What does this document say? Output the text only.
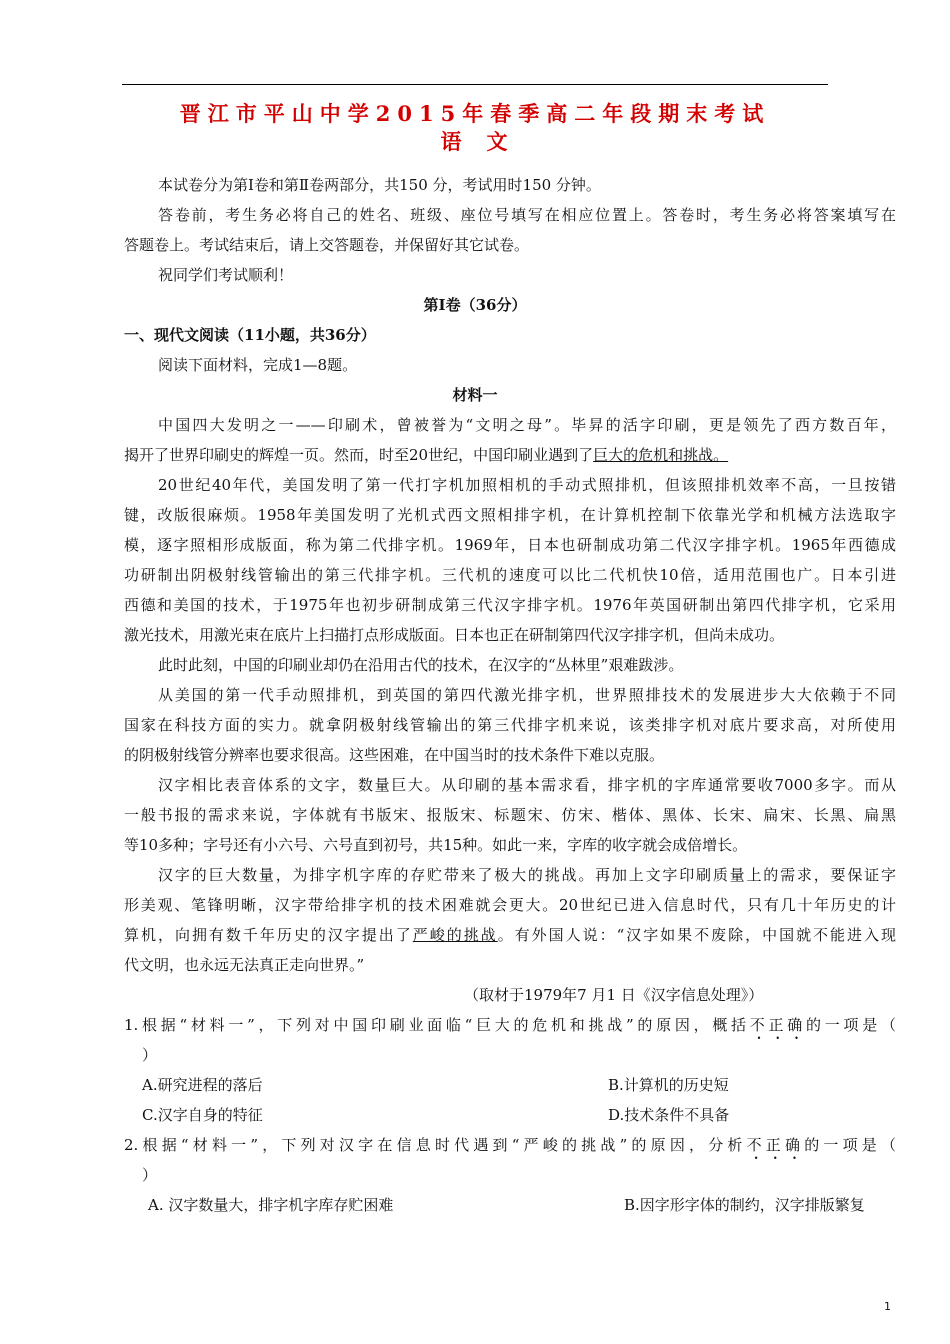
晋江市平山中学2015年春季高二年段期末考试
语　文
本试卷分为第Ⅰ卷和第Ⅱ卷两部分，共150 分，考试用时150 分钟。
答卷前，考生务必将自己的姓名、班级、座位号填写在相应位置上。答卷时，考生务必将答案填写在
答题卷上。考试结束后，请上交答题卷，并保留好其它试卷。
祝同学们考试顺利！
第Ⅰ卷（36分）
一、现代文阅读（11小题，共36分）
阅读下面材料，完成1—8题。
材料一
中国四大发明之一——印刷术，曾被誉为“文明之母”。毕昇的活字印刷，更是领先了西方数百年，
揭开了世界印刷史的辉煌一页。然而，时至20世纪，中国印刷业遇到了巨大的危机和挑战。
20世纪40年代，美国发明了第一代打字机加照相机的手动式照排机，但该照排机效率不高，一旦按错
键，改版很麻烦。1958年美国发明了光机式西文照相排字机，在计算机控制下依靠光学和机械方法选取字
模，逐字照相形成版面，称为第二代排字机。1969年，日本也研制成功第二代汉字排字机。1965年西德成
功研制出阴极射线管输出的第三代排字机。三代机的速度可以比二代机快10倍，适用范围也广。日本引进
西德和美国的技术，于1975年也初步研制成第三代汉字排字机。1976年英国研制出第四代排字机，它采用
激光技术，用激光束在底片上扫描打点形成版面。日本也正在研制第四代汉字排字机，但尚未成功。
此时此刻，中国的印刷业却仍在沿用古代的技术，在汉字的“丛林里”艰难跋涉。
从美国的第一代手动照排机，到英国的第四代激光排字机，世界照排技术的发展进步大大依赖于不同
国家在科技方面的实力。就拿阴极射线管输出的第三代排字机来说，该类排字机对底片要求高，对所使用
的阴极射线管分辨率也要求很高。这些困难，在中国当时的技术条件下难以克服。
汉字相比表音体系的文字，数量巨大。从印刷的基本需求看，排字机的字库通常要收7000多字。而从
一般书报的需求来说，字体就有书版宋、报版宋、标题宋、仿宋、楷体、黑体、长宋、扁宋、长黑、扁黑
等10多种；字号还有小六号、六号直到初号，共15种。如此一来，字库的收字就会成倍增长。
汉字的巨大数量，为排字机字库的存贮带来了极大的挑战。再加上文字印刷质量上的需求，要保证字
形美观、笔锋明晰，汉字带给排字机的技术困难就会更大。20世纪已进入信息时代，只有几十年历史的计
算机，向拥有数千年历史的汉字提出了严峻的挑战。有外国人说：“汉字如果不废除，中国就不能进入现
代文明，也永远无法真正走向世界。”
（取材于1979年7 月1 日《汉字信息处理》）
1.根据“材料一”，下列对中国印刷业面临“巨大的危机和挑战”的原因，概括不正确的一项是（
）
A.研究进程的落后	B.计算机的历史短
C.汉字自身的特征	D.技术条件不具备
2.根据“材料一”，下列对汉字在信息时代遇到“严峻的挑战”的原因，分析不正确的一项是（
）
A. 汉字数量大，排字机字库存贮困难	B.因字形字体的制约，汉字排版繁复
1
